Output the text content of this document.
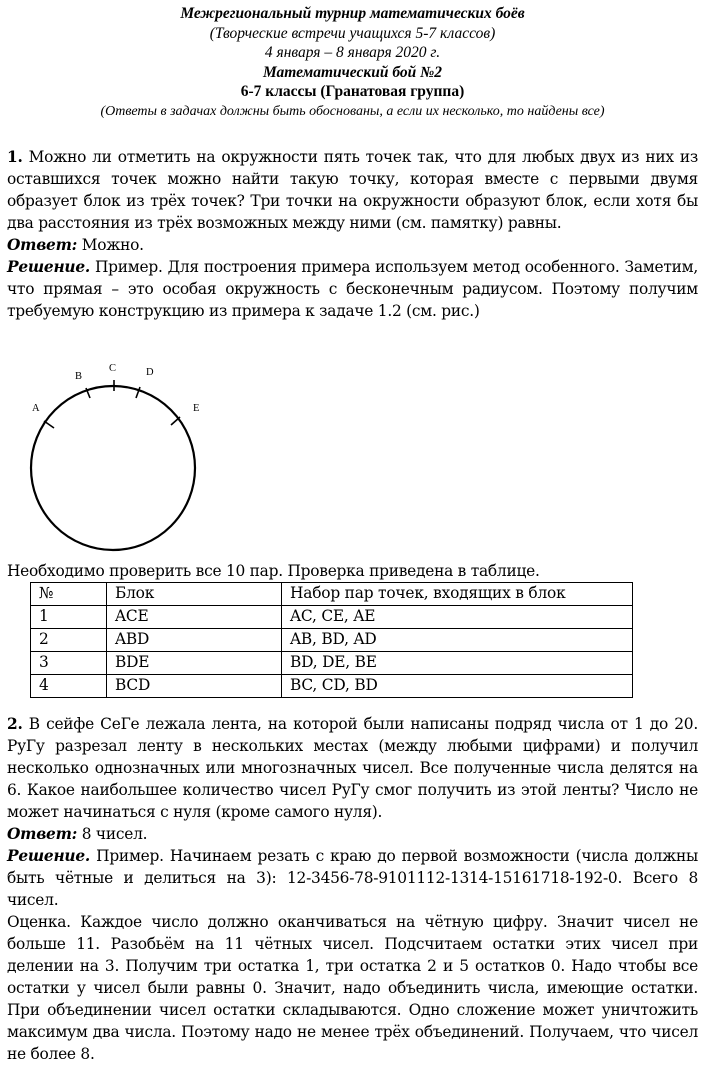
Межрегиональный турнир математических боёв
(Творческие встречи учащихся 5-7 классов)
4 января – 8 января 2020 г.
Математический бой №2
6-7 классы (Гранатовая группа)
(Ответы в задачах должны быть обоснованы, а если их несколько, то найдены все)

1. Можно ли отметить на окружности пять точек так, что для любых двух из них из оставшихся точек можно найти такую точку, которая вместе с первыми двумя образует блок из трёх точек? Три точки на окружности образуют блок, если хотя бы два расстояния из трёх возможных между ними (см. памятку) равны.

Ответ: Можно.

Решение. Пример. Для построения примера используем метод особенного. Заметим, что прямая – это особая окружность с бесконечным радиусом. Поэтому получим требуемую конструкцию из примера к задаче 1.2 (см. рис.)

A
B
C	D
E

Необходимо проверить все 10 пар. Проверка приведена в таблице.

№	Блок	Набор пар точек, входящих в блок
1	ACE	AC, CE, AE
2	ABD	AB, BD, AD
3	BDE	BD, DE, BE
4	BCD	BC, CD, BD

2. В сейфе СеГе лежала лента, на которой были написаны подряд числа от 1 до 20. РуГу разрезал ленту в нескольких местах (между любыми цифрами) и получил несколько однозначных или многозначных чисел. Все полученные числа делятся на 6. Какое наибольшее количество чисел РуГу смог получить из этой ленты? Число не может начинаться с нуля (кроме самого нуля).

Ответ: 8 чисел.

Решение. Пример. Начинаем резать с краю до первой возможности (числа должны быть чётные и делиться на 3): 12-3456-78-9101112-1314-15161718-192-0. Всего 8 чисел.

Оценка. Каждое число должно оканчиваться на чётную цифру. Значит чисел не больше 11. Разобьём на 11 чётных чисел. Подсчитаем остатки этих чисел при делении на 3. Получим три остатка 1, три остатка 2 и 5 остатков 0. Надо чтобы все остатки у чисел были равны 0. Значит, надо объединить числа, имеющие остатки. При объединении чисел остатки складываются. Одно сложение может уничтожить максимум два числа. Поэтому надо не менее трёх объединений. Получаем, что чисел не более 8.
